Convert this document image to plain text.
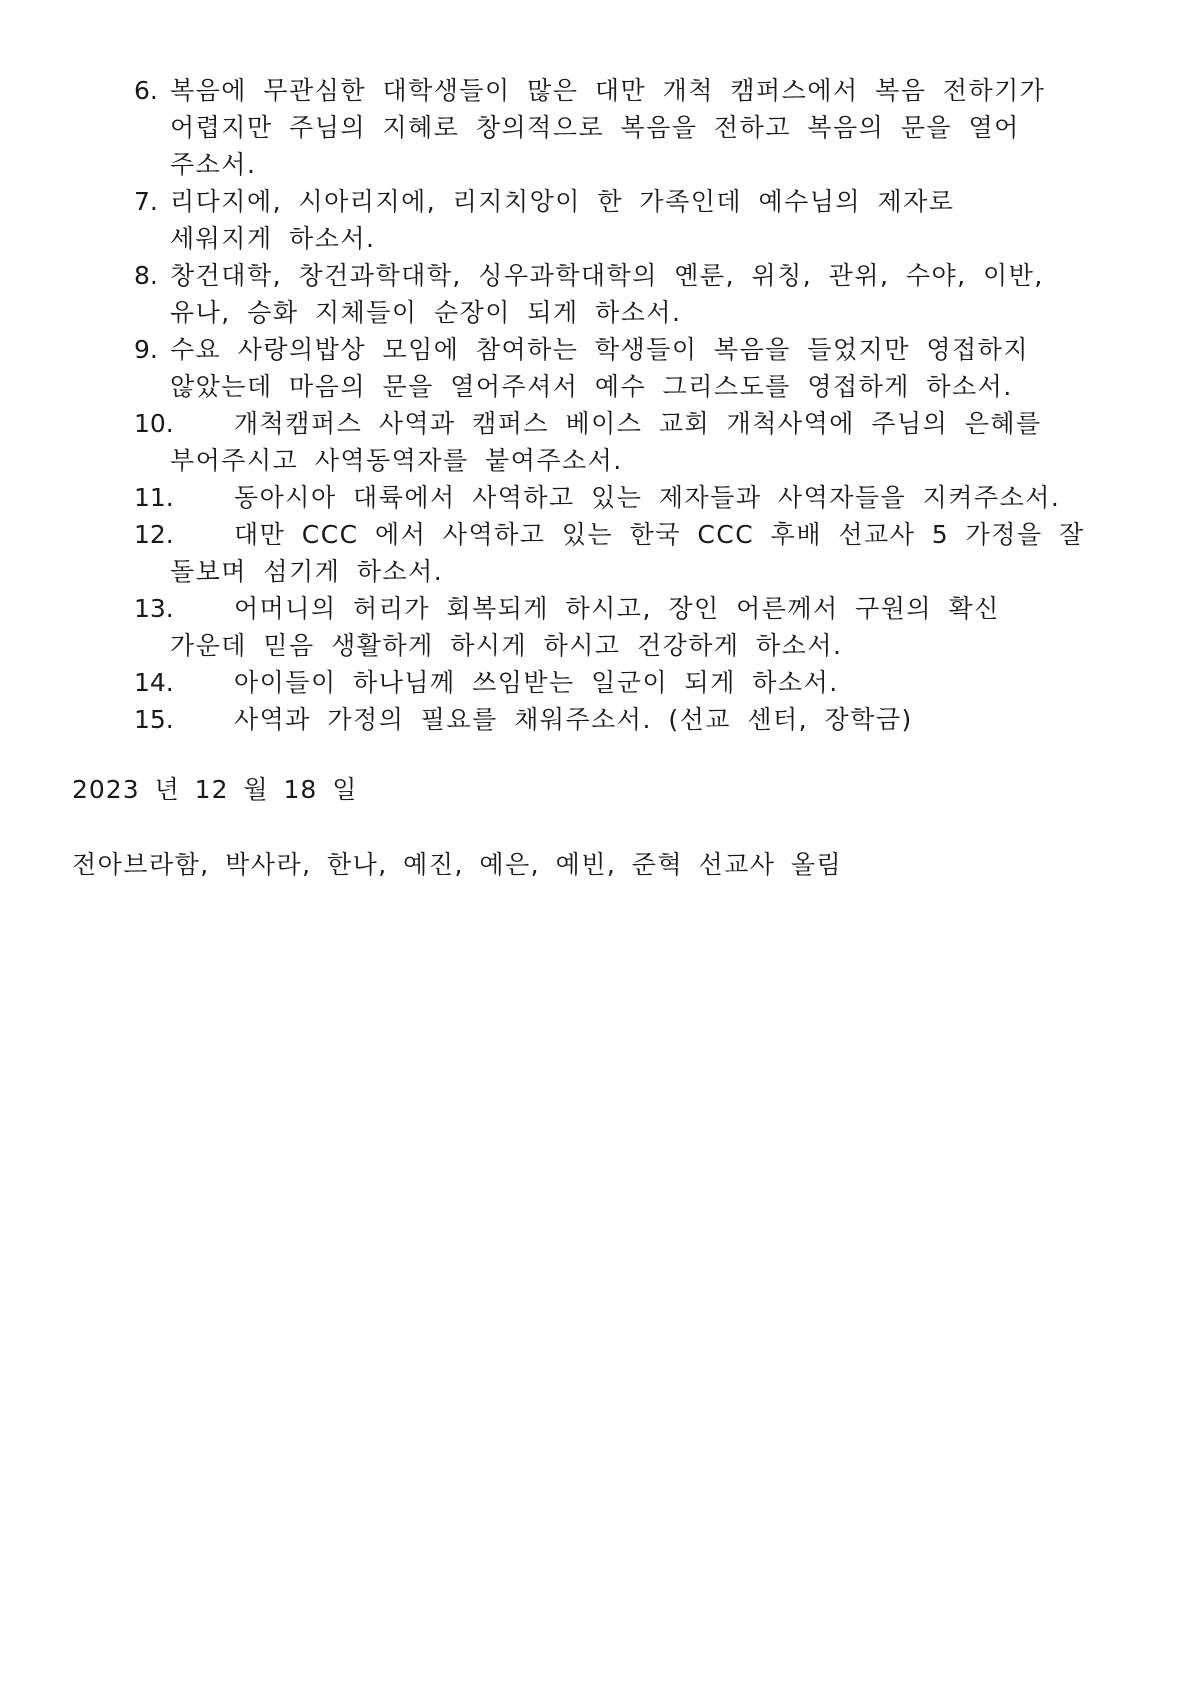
6. 복음에 무관심한 대학생들이 많은 대만 개척 캠퍼스에서 복음 전하기가
어렵지만 주님의 지혜로 창의적으로 복음을 전하고 복음의 문을 열어
주소서.
7. 리다지에, 시아리지에, 리지치앙이 한 가족인데 예수님의 제자로
세워지게 하소서.
8. 창건대학, 창건과학대학, 싱우과학대학의 옌룬, 위칭, 관위, 수야, 이반,
유나, 승화 지체들이 순장이 되게 하소서.
9. 수요 사랑의밥상 모임에 참여하는 학생들이 복음을 들었지만 영접하지
않았는데 마음의 문을 열어주셔서 예수 그리스도를 영접하게 하소서.
10.	개척캠퍼스 사역과 캠퍼스 베이스 교회 개척사역에 주님의 은혜를
부어주시고 사역동역자를 붙여주소서.
11.	동아시아 대륙에서 사역하고 있는 제자들과 사역자들을 지켜주소서.
12.	대만 CCC 에서 사역하고 있는 한국 CCC 후배 선교사 5 가정을 잘
돌보며 섬기게 하소서.
13.	어머니의 허리가 회복되게 하시고, 장인 어른께서 구원의 확신
가운데 믿음 생활하게 하시게 하시고 건강하게 하소서.
14.	아이들이 하나님께 쓰임받는 일군이 되게 하소서.
15.	사역과 가정의 필요를 채워주소서. (선교 센터, 장학금)
2023 년 12 월 18 일
전아브라함, 박사라, 한나, 예진, 예은, 예빈, 준혁 선교사 올림
